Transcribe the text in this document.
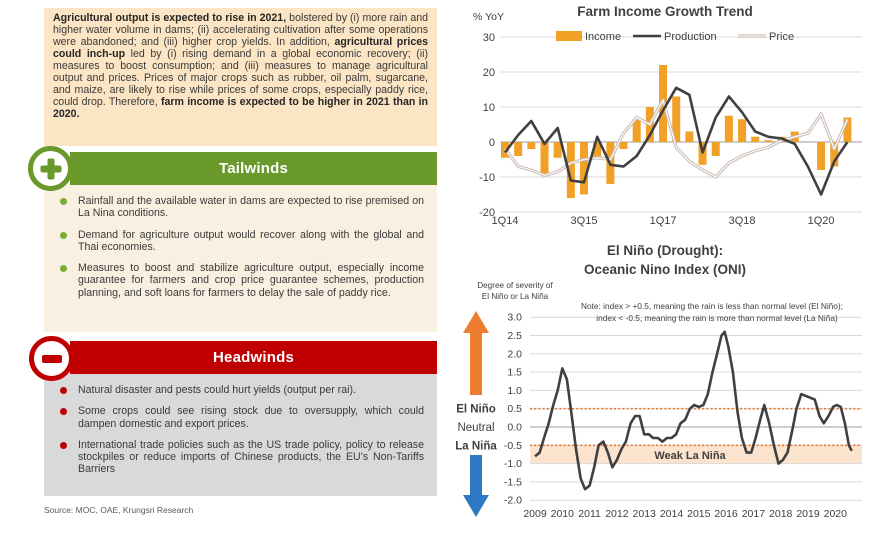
Agricultural output is expected to rise in 2021, bolstered by (i) more rain and higher water volume in dams; (ii) accelerating cultivation after some operations were abandoned; and (iii) higher crop yields. In addition, agricultural prices could inch-up led by (i) rising demand in a global economic recovery; (ii) measures to boost consumption; and (iii) measures to manage agricultural output and prices. Prices of major crops such as rubber, oil palm, sugarcane, and maize, are likely to rise while prices of some crops, especially paddy rice, could drop. Therefore, farm income is expected to be higher in 2021 than in 2020.
Tailwinds
Rainfall and the available water in dams are expected to rise premised on La Nina conditions.
Demand for agriculture output would recover along with the global and Thai economies.
Measures to boost and stabilize agriculture output, especially income guarantee for farmers and crop price guarantee schemes, production planning, and soft loans for farmers to delay the sale of paddy rice.
Headwinds
Natural disaster and pests could hurt yields (output per rai).
Some crops could see rising stock due to oversupply, which could dampen domestic and export prices.
International trade policies such as the US trade policy, policy to release stockpiles or reduce imports of Chinese products, the EU’s Non-Tariffs Barriers
Source: MOC, OAE, Krungsri Research
30
20
10
0
-10
-20
Farm Income Growth Trend
% YoY
Income	Production	Price
1Q14	3Q15	1Q17	3Q18	1Q20
3.0
2.5
2.0
1.5
1.0
0.5
0.0
-0.5
-1.0
-1.5
-2.0
Weak La Niña
El Niño (Drought):
Oceanic Nino Index (ONI)
Degree of severity of
El Niño or La Niña
Note: index > +0.5, meaning the rain is less than normal level (El Niño);
index < -0.5, meaning the rain is more than normal level (La Niña)
El Niño
Neutral
La Niña
2009 2010 2011 2012 2013 2014 2015 2016 2017 2018 2019 2020
